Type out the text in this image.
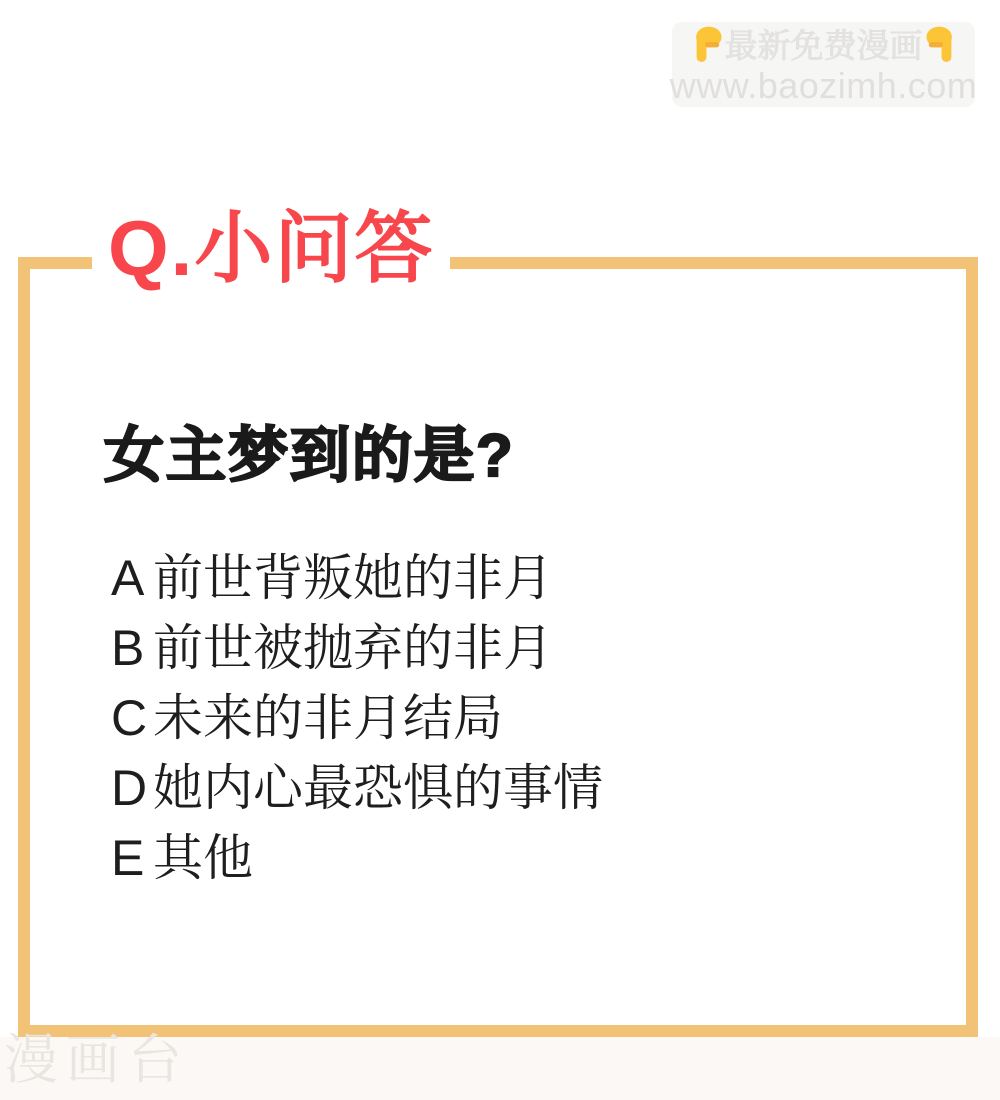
最新免费漫画
www.baozimh.com
Q.小问答
女主梦到的是?
A 前世背叛她的非月
B 前世被抛弃的非月
C 未来的非月结局
D 她内心最恐惧的事情
E 其他
漫画台
